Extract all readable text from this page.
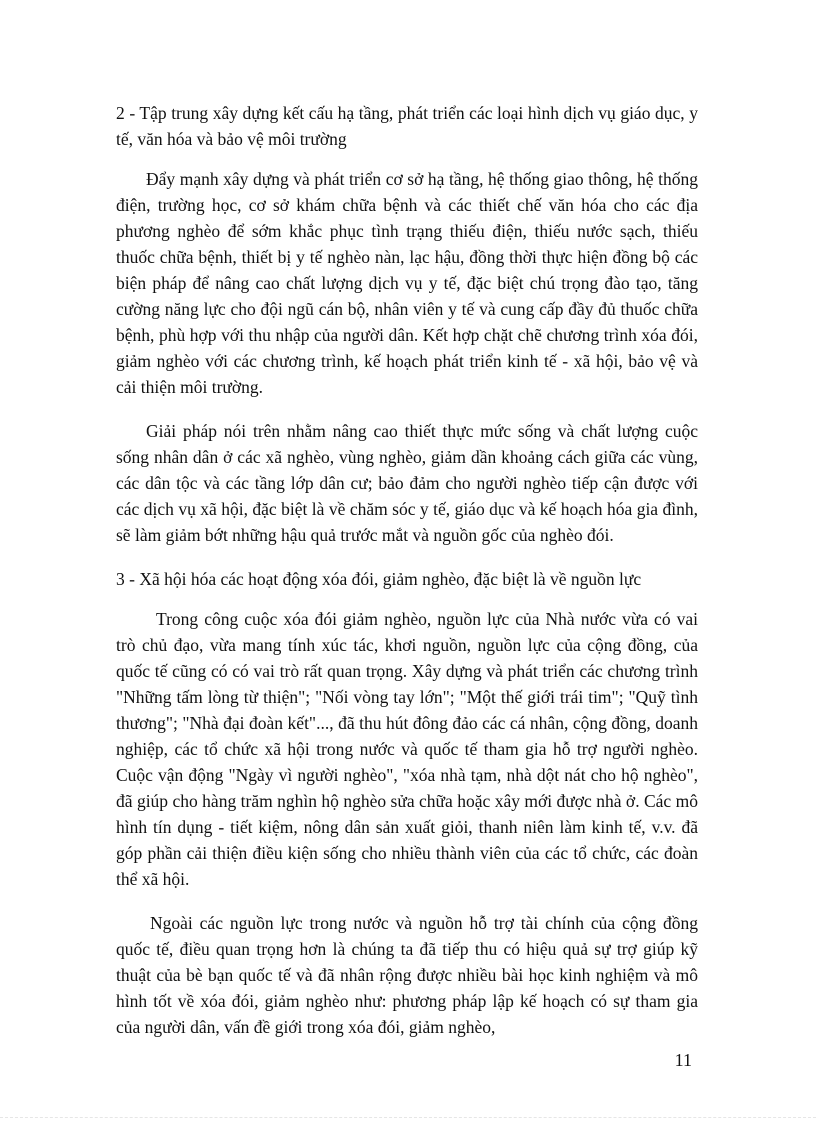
2 - Tập trung xây dựng kết cấu hạ tầng, phát triển các loại hình dịch vụ giáo dục, y tế, văn hóa và bảo vệ môi trường

Đẩy mạnh xây dựng và phát triển cơ sở hạ tầng, hệ thống giao thông, hệ thống điện, trường học, cơ sở khám chữa bệnh và các thiết chế văn hóa cho các địa phương nghèo để sớm khắc phục tình trạng thiếu điện, thiếu nước sạch, thiếu thuốc chữa bệnh, thiết bị y tế nghèo nàn, lạc hậu, đồng thời thực hiện đồng bộ các biện pháp để nâng cao chất lượng dịch vụ y tế, đặc biệt chú trọng đào tạo, tăng cường năng lực cho đội ngũ cán bộ, nhân viên y tế và cung cấp đầy đủ thuốc chữa bệnh, phù hợp với thu nhập của người dân. Kết hợp chặt chẽ chương trình xóa đói, giảm nghèo với các chương trình, kế hoạch phát triển kinh tế - xã hội, bảo vệ và cải thiện môi trường.

Giải pháp nói trên nhằm nâng cao thiết thực mức sống và chất lượng cuộc sống nhân dân ở các xã nghèo, vùng nghèo, giảm dần khoảng cách giữa các vùng, các dân tộc và các tầng lớp dân cư; bảo đảm cho người nghèo tiếp cận được với các dịch vụ xã hội, đặc biệt là về chăm sóc y tế, giáo dục và kế hoạch hóa gia đình, sẽ làm giảm bớt những hậu quả trước mắt và nguồn gốc của nghèo đói.

3 - Xã hội hóa các hoạt động xóa đói, giảm nghèo, đặc biệt là về nguồn lực

Trong công cuộc xóa đói giảm nghèo, nguồn lực của Nhà nước vừa có vai trò chủ đạo, vừa mang tính xúc tác, khơi nguồn, nguồn lực của cộng đồng, của quốc tế cũng có có vai trò rất quan trọng. Xây dựng và phát triển các chương trình "Những tấm lòng từ thiện"; "Nối vòng tay lớn"; "Một thế giới trái tim"; "Quỹ tình thương"; "Nhà đại đoàn kết"..., đã thu hút đông đảo các cá nhân, cộng đồng, doanh nghiệp, các tổ chức xã hội trong nước và quốc tế tham gia hỗ trợ người nghèo. Cuộc vận động "Ngày vì người nghèo", "xóa nhà tạm, nhà dột nát cho hộ nghèo", đã giúp cho hàng trăm nghìn hộ nghèo sửa chữa hoặc xây mới được nhà ở. Các mô hình tín dụng - tiết kiệm, nông dân sản xuất giỏi, thanh niên làm kinh tế, v.v. đã góp phần cải thiện điều kiện sống cho nhiều thành viên của các tổ chức, các đoàn thể xã hội.

Ngoài các nguồn lực trong nước và nguồn hỗ trợ tài chính của cộng đồng quốc tế, điều quan trọng hơn là chúng ta đã tiếp thu có hiệu quả sự trợ giúp kỹ thuật của bè bạn quốc tế và đã nhân rộng được nhiều bài học kinh nghiệm và mô hình tốt về xóa đói, giảm nghèo như: phương pháp lập kế hoạch có sự tham gia của người dân, vấn đề giới trong xóa đói, giảm nghèo,

11
